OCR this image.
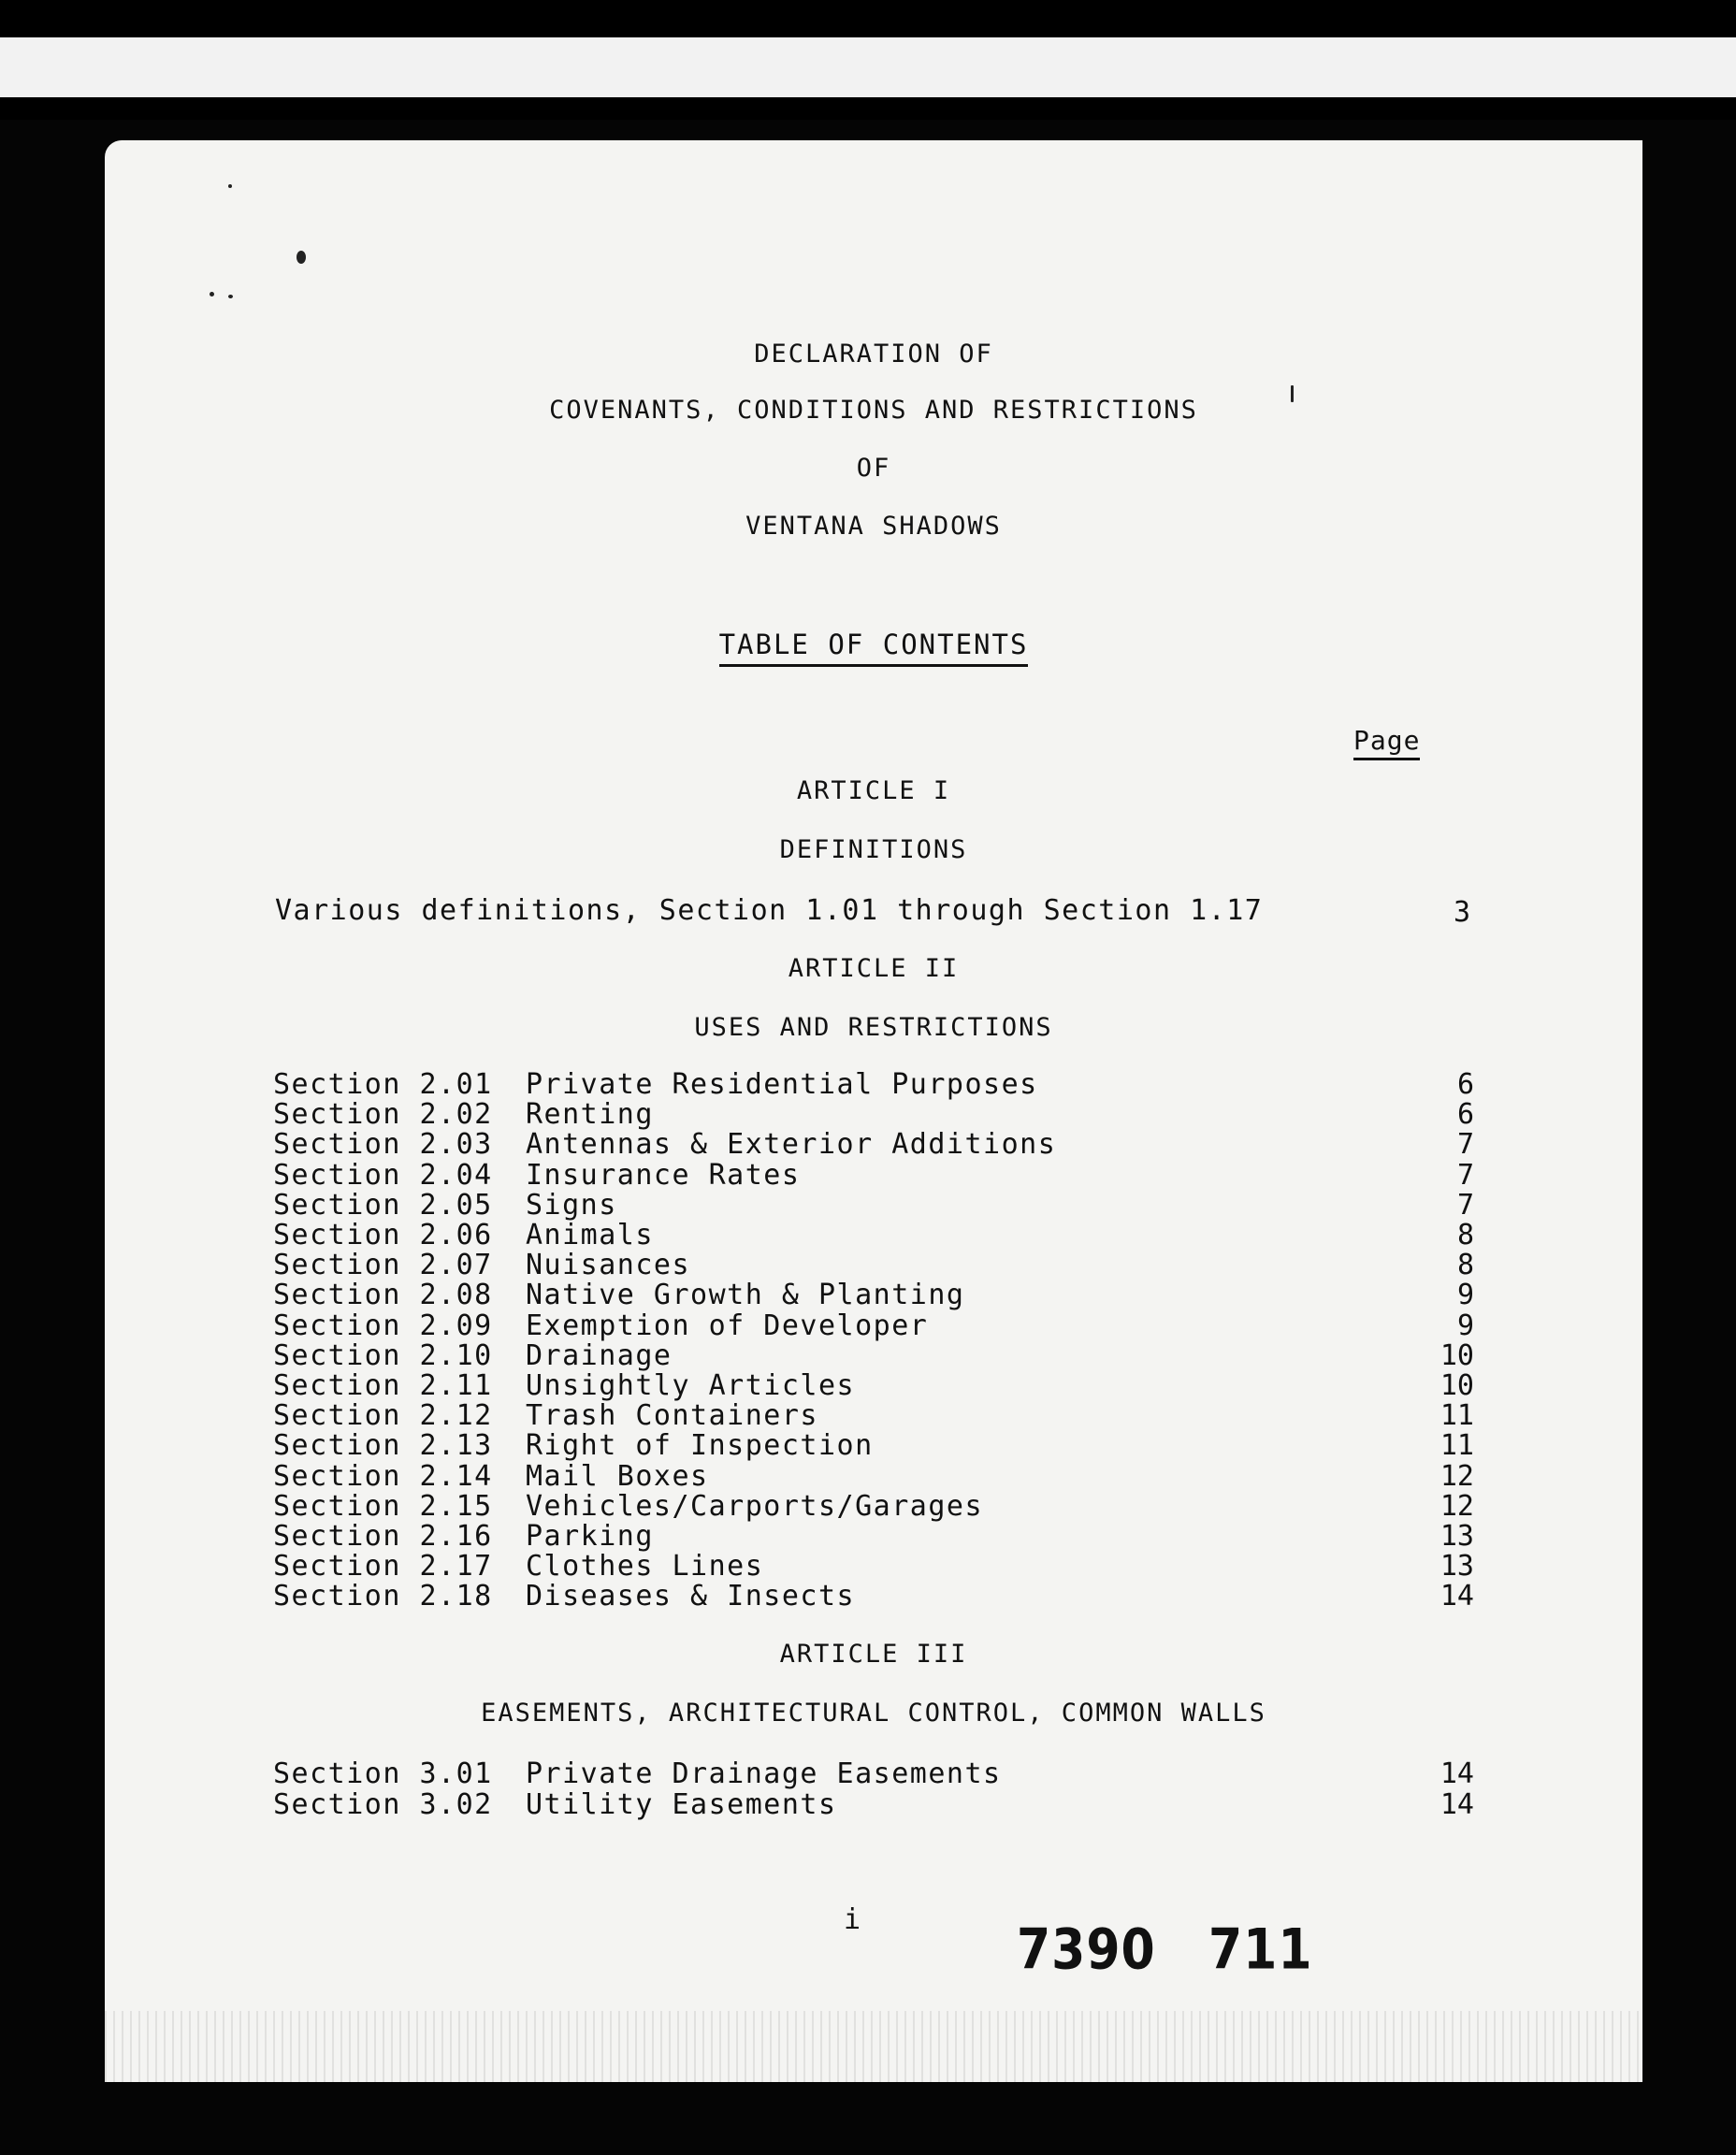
DECLARATION OF
COVENANTS, CONDITIONS AND RESTRICTIONS
OF
VENTANA SHADOWS
TABLE OF CONTENTS
Page
ARTICLE I
DEFINITIONS
Various definitions, Section 1.01 through Section 1.17	3
ARTICLE II
USES AND RESTRICTIONS
Section 2.01 Private Residential Purposes	6
Section 2.02 Renting	6
Section 2.03 Antennas & Exterior Additions	7
Section 2.04 Insurance Rates	7
Section 2.05 Signs	7
Section 2.06 Animals	8
Section 2.07 Nuisances	8
Section 2.08 Native Growth & Planting	9
Section 2.09 Exemption of Developer	9
Section 2.10 Drainage	10
Section 2.11 Unsightly Articles	10
Section 2.12 Trash Containers	11
Section 2.13 Right of Inspection	11
Section 2.14 Mail Boxes	12
Section 2.15 Vehicles/Carports/Garages	12
Section 2.16 Parking	13
Section 2.17 Clothes Lines	13
Section 2.18 Diseases & Insects	14
ARTICLE III
EASEMENTS, ARCHITECTURAL CONTROL, COMMON WALLS
Section 3.01 Private Drainage Easements	14
Section 3.02 Utility Easements	14
i	7390 711
